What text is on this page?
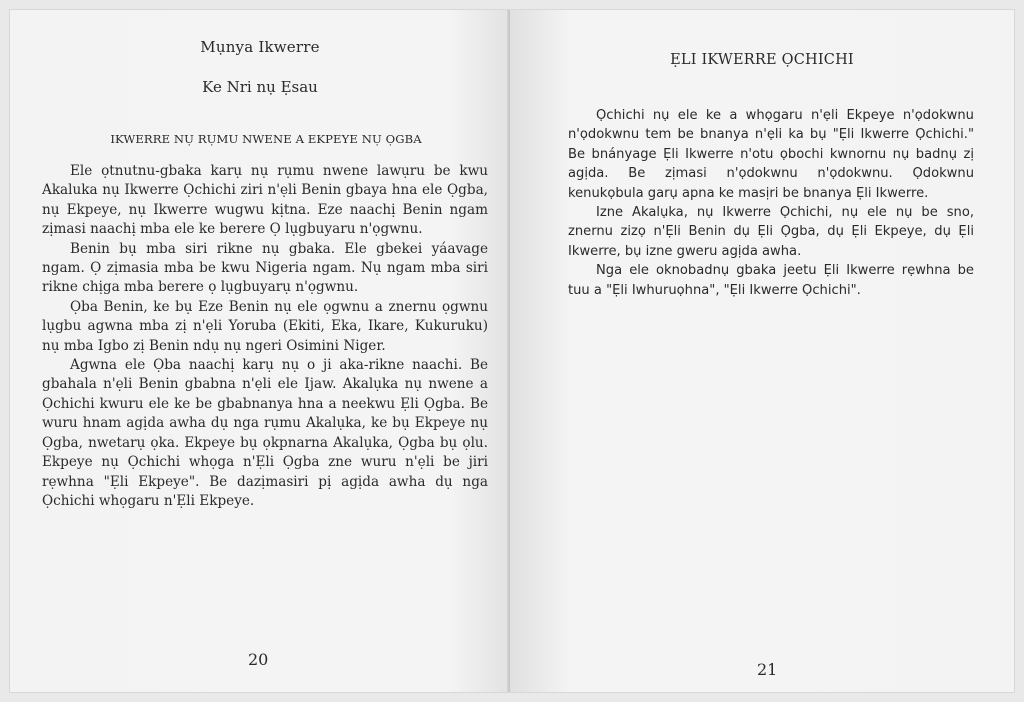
Mụnya Ikwerre
Ke Nri nụ Ẹsau
IKWERRE NỤ RỤMU NWENE A EKPEYE NỤ ỌGBA

Ele ọtnutnu-gbaka karụ nụ rụmu nwene lawụru be kwu Akaluka nụ Ikwerre Ọchichi ziri n'ẹli Benin gbaya hna ele Ọgba, nụ Ekpeye, nụ Ikwerre wugwu kịtna. Eze naachị Benin ngam zịmasi naachị mba ele ke berere Ọ lụgbuyaru n'ọgwnu.

Benin bụ mba siri rikne nụ gbaka. Ele gbekei yáavage ngam. Ọ zịmasia mba be kwu Nigeria ngam. Nụ ngam mba siri rikne chịga mba berere ọ lụgbuyarụ n'ọgwnu.

Ọba Benin, ke bụ Eze Benin nụ ele ọgwnu a znernu ọgwnu lụgbu agwna mba zị n'ẹli Yoruba (Ekiti, Eka, Ikare, Kukuruku) nụ mba Igbo zị Benin ndụ nụ ngeri Osimini Niger.

Agwna ele Ọba naachị karụ nụ o ji aka-rikne naachi. Be gbahala n'ẹli Benin gbabna n'ẹli ele Ijaw. Akalụka nụ nwene a Ọchichi kwuru ele ke be gbabnanya hna a neekwu Ẹli Ọgba. Be wuru hnam agịda awha dụ nga rụmu Akalụka, ke bụ Ekpeye nụ Ọgba, nwetarụ ọka. Ekpeye bụ ọkpnarna Akalụka, Ọgba bụ ọlu. Ekpeye nụ Ọchichi whọga n'Ẹli Ọgba zne wuru n'ẹli be jiri rẹwhna "Ẹli Ekpeye". Be dazịmasiri pị agịda awha dụ nga Ọchichi whọgaru n'Ẹli Ekpeye.

20
ẸLI IKWERRE ỌCHICHI

Ọchichi nụ ele ke a whọgaru n'ẹli Ekpeye n'ọdokwnu n'ọdokwnu tem be bnanya n'ẹli ka bụ "Ẹli Ikwerre Ọchichi." Be bnányage Ẹli Ikwerre n'otu ọbochi kwnornu nụ badnụ zị agịda. Be zịmasi n'ọdokwnu n'ọdokwnu. Ọdokwnu kenukọbula garụ apna ke masịri be bnanya Ẹli Ikwerre.

Izne Akalụka, nụ Ikwerre Ọchichi, nụ ele nụ be sno, znernu zizọ n'Ẹli Benin dụ Ẹli Ọgba, dụ Ẹli Ekpeye, dụ Ẹli Ikwerre, bụ izne gweru agịda awha.

Nga ele oknobadnụ gbaka jeetu Ẹli Ikwerre rẹwhna be tuu a "Ẹli Iwhuruọhna", "Ẹli Ikwerre Ọchichi".

21
